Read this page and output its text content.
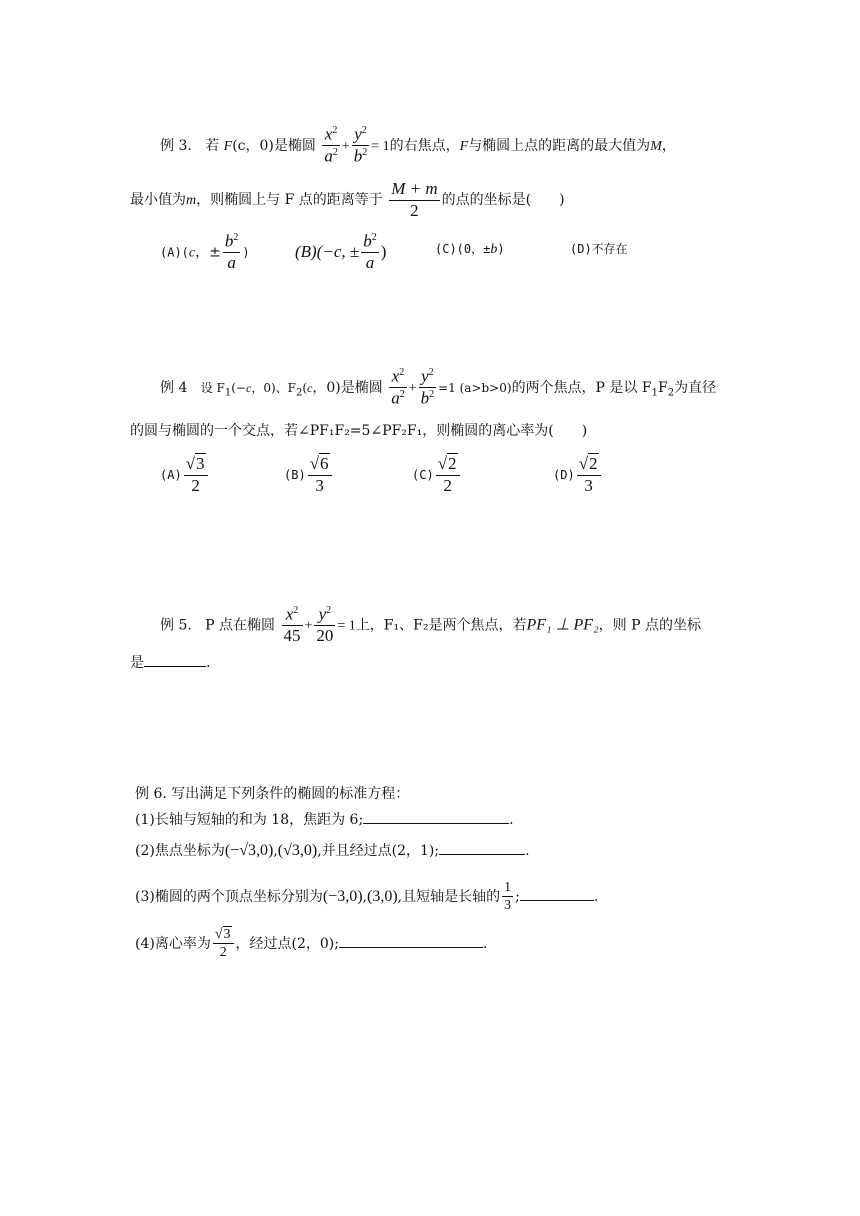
例 3. 若 F(c，0)是椭圆 $\frac{x^2}{a^2} + \frac{y^2}{b^2} = 1$的右焦点，F与椭圆上点的距离的最大值为M，
最小值为m，则椭圆上与 F 点的距离等于 $\frac{M + m}{2}$ 的点的坐标是(　　)
(A)(c，± $\frac{b^2}{a}$ )	(B)(−c, ± $\frac{b^2}{a}$ )	(C)(0，±b)	(D)不存在
例 4 设 $F_1(-c$，0)、$F_2(c$，0)是椭圆 $\frac{x^2}{a^2} + \frac{y^2}{b^2} =1$ (a>b>0)的两个焦点，P 是以 $F_1F_2$为直径
的圆与椭圆的一个交点，若∠PF₁F₂=5∠PF₂F₁，则椭圆的离心率为(　　)
$(A) \frac{√3}{2}$	$(B) \frac{√6}{3}$	$(C) \frac{√2}{2}$	$(D) \frac{√2}{3}$
例 5. P 点在椭圆 $\frac{x^2}{45} + \frac{y^2}{20} = 1$上，F₁、F₂是两个焦点，若PF₁ ⊥ PF₂，则 P 点的坐标
是	.
例 6. 写出满足下列条件的椭圆的标准方程：
(1)长轴与短轴的和为 18，焦距为 6;	.
(2)焦点坐标为(−√3,0),(√3,0),并且经过点(2，1);	.
(3)椭圆的两个顶点坐标分别为(−3,0),(3,0),且短轴是长轴的 $\frac{1}{3}$ ;	.
(4)离心率为 $\frac{√3}{2}$ ，经过点(2，0);	.
